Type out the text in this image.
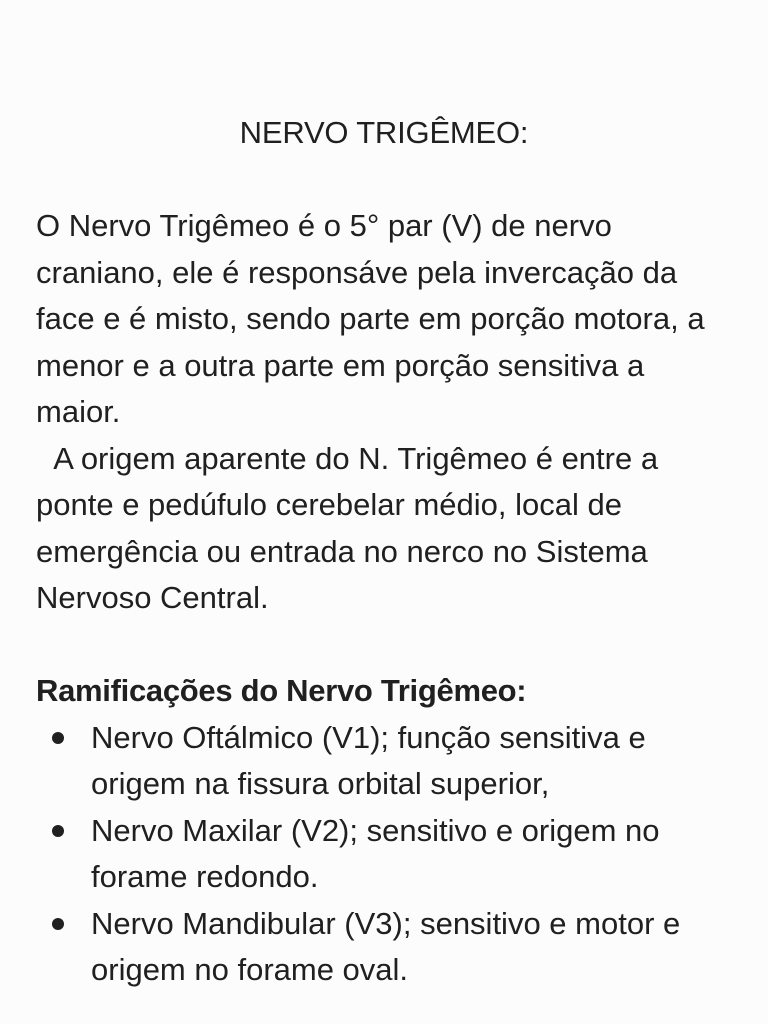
NERVO TRIGÊMEO:

O Nervo Trigêmeo é o 5° par (V) de nervo craniano, ele é responsáve pela invercação da face e é misto, sendo parte em porção motora, a menor e a outra parte em porção sensitiva a maior.

A origem aparente do N. Trigêmeo é entre a ponte e pedúfulo cerebelar médio, local de emergência ou entrada no nerco no Sistema Nervoso Central.

Ramificações do Nervo Trigêmeo:

Nervo Oftálmico (V1); função sensitiva e origem na fissura orbital superior,
Nervo Maxilar (V2); sensitivo e origem no forame redondo.
Nervo Mandibular (V3); sensitivo e motor e origem no forame oval.
